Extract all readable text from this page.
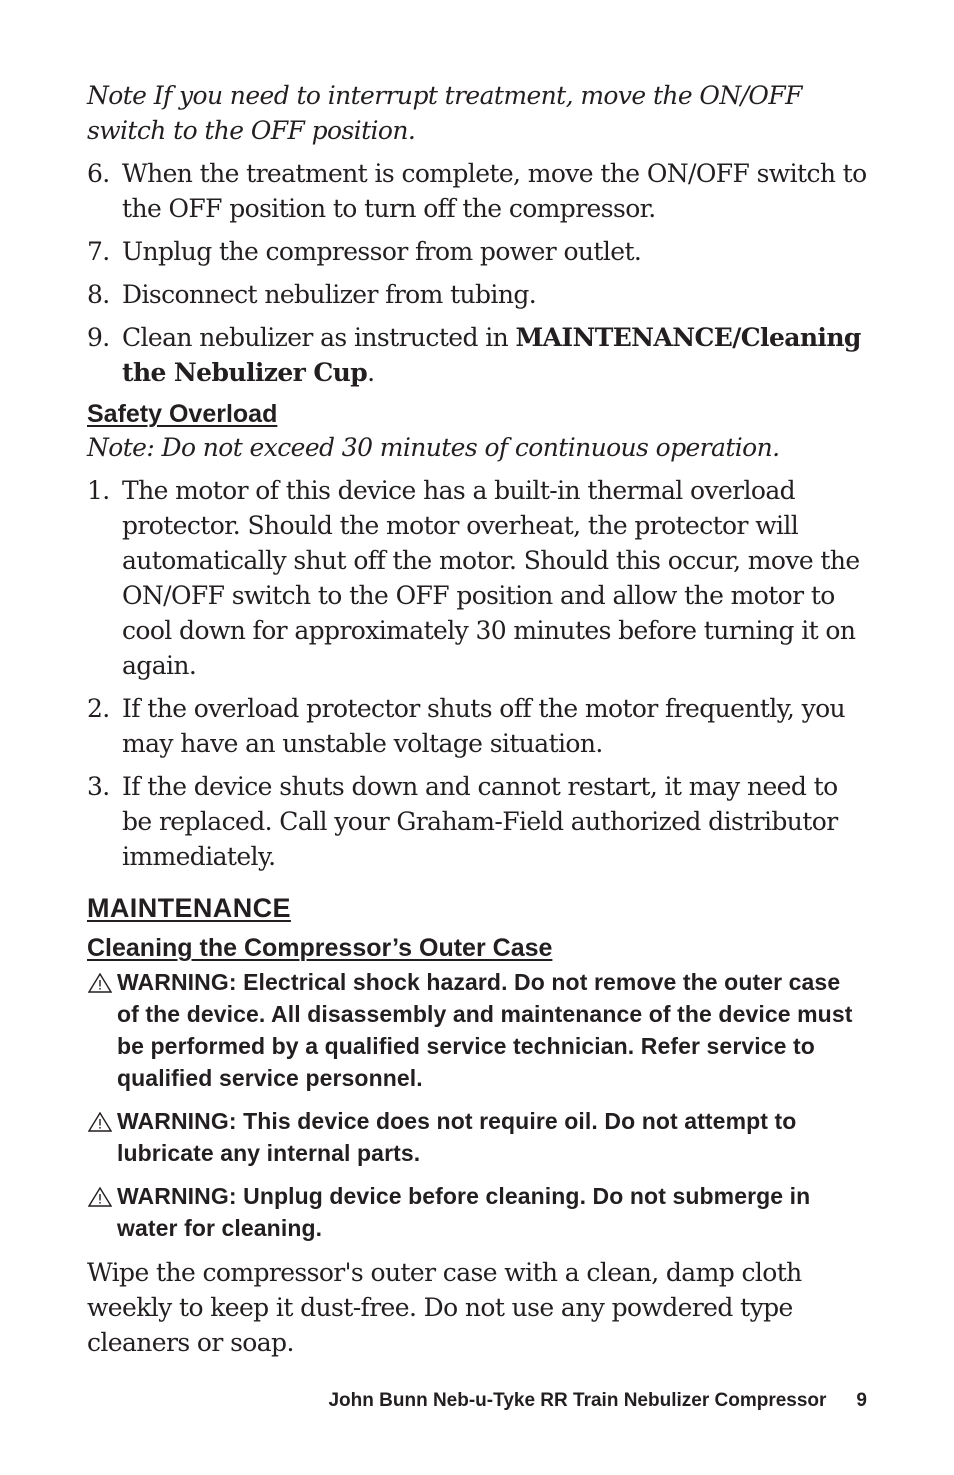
Note If you need to interrupt treatment, move the ON/OFF switch to the OFF position.

6. When the treatment is complete, move the ON/OFF switch to the OFF position to turn off the compressor.
7. Unplug the compressor from power outlet.
8. Disconnect nebulizer from tubing.
9. Clean nebulizer as instructed in MAINTENANCE/Cleaning the Nebulizer Cup.
Safety Overload

Note: Do not exceed 30 minutes of continuous operation.

1. The motor of this device has a built-in thermal overload protector. Should the motor overheat, the protector will automatically shut off the motor. Should this occur, move the ON/OFF switch to the OFF position and allow the motor to cool down for approximately 30 minutes before turning it on again.
2. If the overload protector shuts off the motor frequently, you may have an unstable voltage situation.
3. If the device shuts down and cannot restart, it may need to be replaced. Call your Graham-Field authorized distributor immediately.
MAINTENANCE
Cleaning the Compressor’s Outer Case
WARNING: Electrical shock hazard. Do not remove the outer case of the device. All disassembly and maintenance of the device must be performed by a qualified service technician. Refer service to qualified service personnel.
WARNING: This device does not require oil. Do not attempt to lubricate any internal parts.
WARNING: Unplug device before cleaning. Do not submerge in water for cleaning.

Wipe the compressor's outer case with a clean, damp cloth weekly to keep it dust-free. Do not use any powdered type cleaners or soap.

John Bunn Neb-u-Tyke RR Train Nebulizer Compressor 9
